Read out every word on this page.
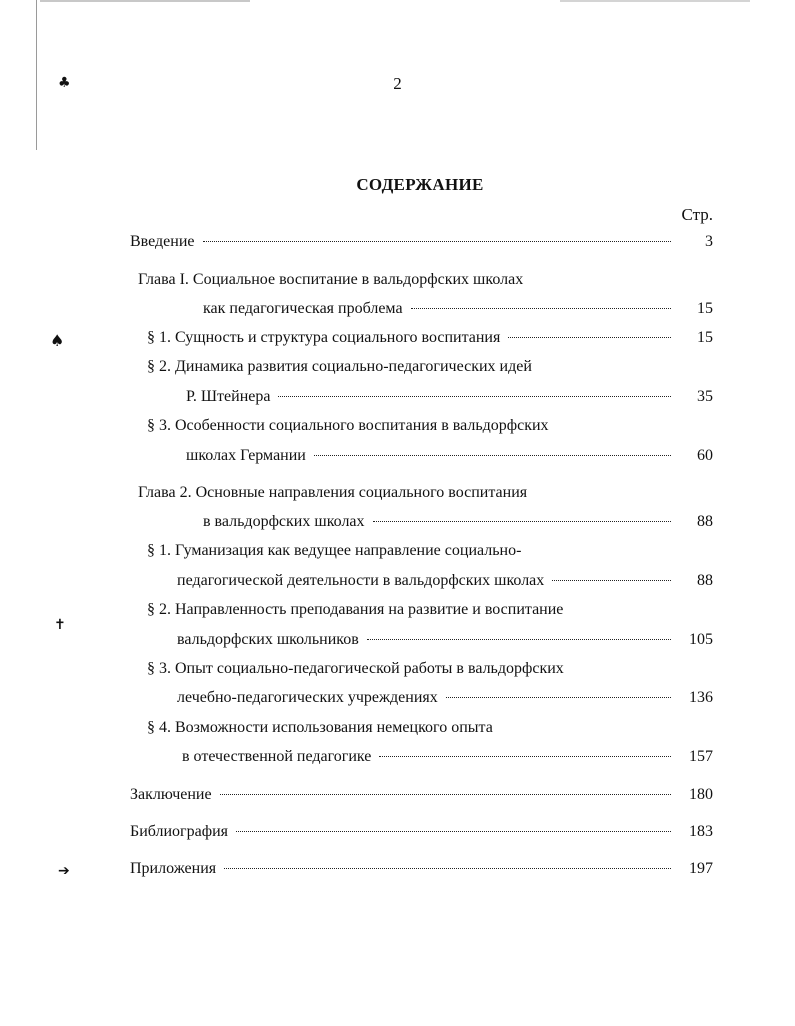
♣
♠
✝
➔
2
СОДЕРЖАНИЕ
Стр.
Введение	3
Глава I. Социальное воспитание в вальдорфских школах
как педагогическая проблема	15
§ 1. Сущность и структура социального воспитания	15
§ 2. Динамика развития социально-педагогических идей
Р. Штейнера	35
§ 3. Особенности социального воспитания в вальдорфских
школах Германии	60
Глава 2. Основные направления социального воспитания
в вальдорфских школах	88
§ 1. Гуманизация как ведущее направление социально-
педагогической деятельности в вальдорфских школах	88
§ 2. Направленность преподавания на развитие и воспитание
вальдорфских школьников	105
§ 3. Опыт социально-педагогической работы в вальдорфских
лечебно-педагогических учреждениях	136
§ 4. Возможности использования немецкого опыта
в отечественной педагогике	157
Заключение	180
Библиография	183
Приложения	197
